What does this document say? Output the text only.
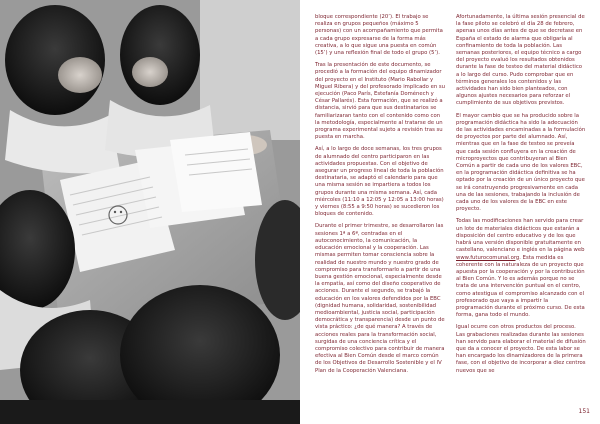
bloque correspondiente (20’). El trabajo se realiza en grupos pequeños (máximo 5 personas) con un acompañamiento que permita a cada grupo expresarse de la forma más creativa, a lo que sigue una puesta en común (15’) y una reflexión final de todo el grupo (5’).

Tras la presentación de este documento, se procedió a la formación del equipo dinamizador del proyecto en el Instituto (Mario Rabollar y Miguel Ribera) y del profesorado implicado en su ejecución (Paco París, Estefanía Doménech y César Pallarés). Esta formación, que se realizó a distancia, sirvió para que sus destinatarios se familiarizaran tanto con el contenido como con la metodología, especialmente al tratarse de un programa experimental sujeto a revisión tras su puesta en marcha.

Así, a lo largo de doce semanas, los tres grupos de alumnado del centro participaron en las actividades propuestas. Con el objetivo de asegurar un progreso lineal de toda la población destinataria, se adaptó el calendario para que una misma sesión se impartiera a todos los grupos durante una misma semana. Así, cada miércoles (11:10 a 12:05 y 12:05 a 13:00 horas) y viernes (8:55 a 9:50 horas) se sucedieron los bloques de contenido.

Durante el primer trimestre, se desarrollaron las sesiones 1ª a 6ª, centradas en el autoconocimiento, la comunicación, la educación emocional y la cooperación. Las mismas permiten tomar consciencia sobre la realidad de nuestro mundo y nuestro grado de compromiso para transformarlo a partir de una buena gestión emocional, especialmente desde la empatía, así como del diseño cooperativo de acciones. Durante el segundo, se trabajó la educación en los valores defendidos por la EBC (dignidad humana, solidaridad, sostenibilidad medioambiental, justicia social, participación democrática y transparencia) desde un punto de vista práctico: ¿de qué manera? A través de acciones reales para la transformación social, surgidas de una conciencia crítica y el compromiso colectivo para contribuir de manera efectiva al Bien Común desde el marco común de los Objetivos de Desarrollo Sostenible y el IV Plan de la Cooperación Valenciana.

Afortunadamente, la última sesión presencial de la fase piloto se celebró el día 28 de febrero, apenas unos días antes de que se decretase en España el estado de alarma que obligaría al confinamiento de toda la población. Las semanas posteriores, el equipo técnico a cargo del proyecto evaluó los resultados obtenidos durante la fase de testeo del material didáctico a lo largo del curso. Pudo comprobar que en términos generales los contenidos y las actividades han sido bien planteados, con algunos ajustes necesarios para reforzar el cumplimiento de sus objetivos previstos.

El mayor cambio que se ha producido sobre la programación didáctica ha sido la adecuación de las actividades encaminadas a la formulación de proyectos por parte del alumnado. Así, mientras que en la fase de testeo se preveía que cada sesión confluyera en la creación de microproyectos que contribuyeran al Bien Común a partir de cada uno de los valores EBC, en la programación didáctica definitiva se ha optado por la creación de un único proyecto que se irá construyendo progresivamente en cada una de las sesiones, trabajando la inclusión de cada uno de los valores de la EBC en este proyecto.

Todas las modificaciones han servido para crear un lote de materiales didácticos que estarán a disposición del centro educativo y de los que habrá una versión disponible gratuitamente en castellano, valenciano e inglés en la página web www.futurocomunal.org. Esta medida es coherente con la naturaleza de un proyecto que apuesta por la cooperación y por la contribución al Bien Común. Y lo es además porque no se trata de una intervención puntual en el centro, como atestigua el compromiso alcanzado con el profesorado que vaya a impartir la programación durante el próximo curso. De esta forma, gana todo el mundo.

Igual ocurre con otros productos del proceso. Las grabaciones realizadas durante las sesiones han servido para elaborar el material de difusión que da a conocer el proyecto. De esta labor se han encargado los dinamizadores de la primera fase, con el objetivo de incorporar a diez centros nuevos que se

151
